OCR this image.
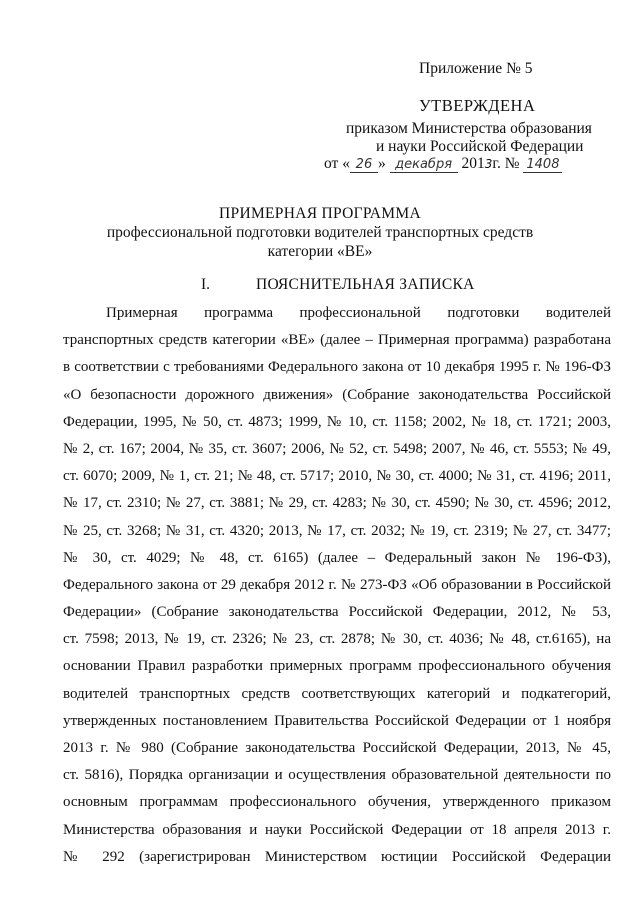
Приложение № 5
УТВЕРЖДЕНА
приказом Министерства образования
и науки Российской Федерации
от « 26 » декабря 2013г. № 1408
ПРИМЕРНАЯ ПРОГРАММА
профессиональной подготовки водителей транспортных средств
категории «ВЕ»
I.	ПОЯСНИТЕЛЬНАЯ ЗАПИСКА
Примерная программа профессиональной подготовки водителей
транспортных средств категории «ВЕ» (далее – Примерная программа) разработана
в соответствии с требованиями Федерального закона от 10 декабря 1995 г. № 196-ФЗ
«О безопасности дорожного движения» (Собрание законодательства Российской
Федерации, 1995, № 50, ст. 4873; 1999, № 10, ст. 1158; 2002, № 18, ст. 1721; 2003,
№ 2, ст. 167; 2004, № 35, ст. 3607; 2006, № 52, ст. 5498; 2007, № 46, ст. 5553; № 49,
ст. 6070; 2009, № 1, ст. 21; № 48, ст. 5717; 2010, № 30, ст. 4000; № 31, ст. 4196; 2011,
№ 17, ст. 2310; № 27, ст. 3881; № 29, ст. 4283; № 30, ст. 4590; № 30, ст. 4596; 2012,
№ 25, ст. 3268; № 31, ст. 4320; 2013, № 17, ст. 2032; № 19, ст. 2319; № 27, ст. 3477;
№ 30, ст. 4029; № 48, ст. 6165) (далее – Федеральный закон № 196-ФЗ),
Федерального закона от 29 декабря 2012 г. № 273-ФЗ «Об образовании в Российской
Федерации» (Собрание законодательства Российской Федерации, 2012, № 53,
ст. 7598; 2013, № 19, ст. 2326; № 23, ст. 2878; № 30, ст. 4036; № 48, ст.6165), на
основании Правил разработки примерных программ профессионального обучения
водителей транспортных средств соответствующих категорий и подкатегорий,
утвержденных постановлением Правительства Российской Федерации от 1 ноября
2013 г. № 980 (Собрание законодательства Российской Федерации, 2013, № 45,
ст. 5816), Порядка организации и осуществления образовательной деятельности по
основным программам профессионального обучения, утвержденного приказом
Министерства образования и науки Российской Федерации от 18 апреля 2013 г.
№ 292 (зарегистрирован Министерством юстиции Российской Федерации
